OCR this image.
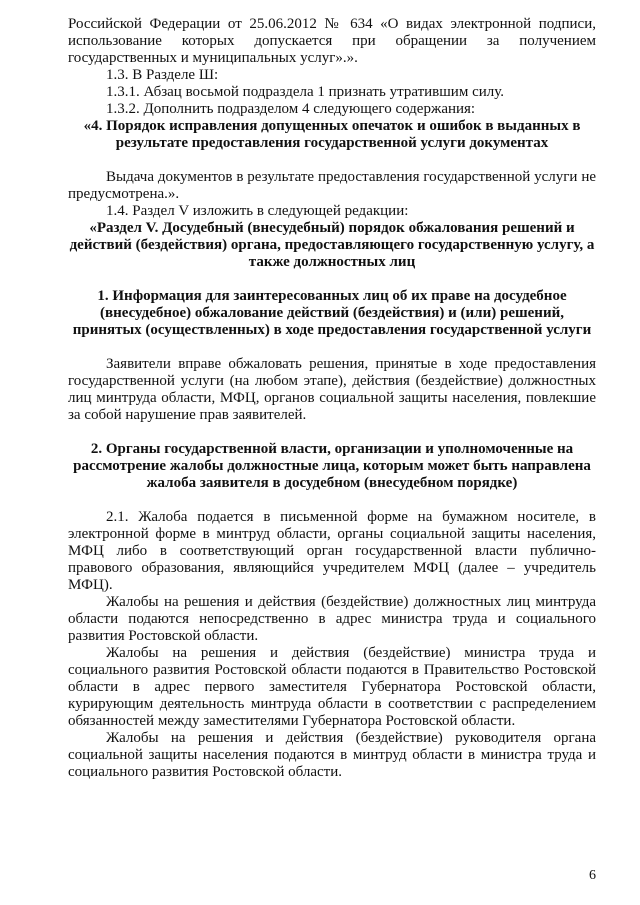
Российской Федерации от 25.06.2012 № 634 «О видах электронной подписи, использование которых допускается при обращении за получением государственных и муниципальных услуг».».

1.3. В Разделе Ш:

1.3.1. Абзац восьмой подраздела 1 признать утратившим силу.

1.3.2. Дополнить подразделом 4 следующего содержания:

«4. Порядок исправления допущенных опечаток и ошибок в выданных в результате предоставления государственной услуги документах

Выдача документов в результате предоставления государственной услуги не предусмотрена.».

1.4. Раздел V изложить в следующей редакции:

«Раздел V. Досудебный (внесудебный) порядок обжалования решений и действий (бездействия) органа, предоставляющего государственную услугу, а также должностных лиц

1. Информация для заинтересованных лиц об их праве на досудебное (внесудебное) обжалование действий (бездействия) и (или) решений, принятых (осуществленных) в ходе предоставления государственной услуги

Заявители вправе обжаловать решения, принятые в ходе предоставления государственной услуги (на любом этапе), действия (бездействие) должностных лиц минтруда области, МФЦ, органов социальной защиты населения, повлекшие за собой нарушение прав заявителей.

2. Органы государственной власти, организации и уполномоченные на рассмотрение жалобы должностные лица, которым может быть направлена жалоба заявителя в досудебном (внесудебном порядке)

2.1. Жалоба подается в письменной форме на бумажном носителе, в электронной форме в минтруд области, органы социальной защиты населения, МФЦ либо в соответствующий орган государственной власти публично-правового образования, являющийся учредителем МФЦ (далее – учредитель МФЦ).

Жалобы на решения и действия (бездействие) должностных лиц минтруда области подаются непосредственно в адрес министра труда и социального развития Ростовской области.

Жалобы на решения и действия (бездействие) министра труда и социального развития Ростовской области подаются в Правительство Ростовской области в адрес первого заместителя Губернатора Ростовской области, курирующим деятельность минтруда области в соответствии с распределением обязанностей между заместителями Губернатора Ростовской области.

Жалобы на решения и действия (бездействие) руководителя органа социальной защиты населения подаются в минтруд области в министра труда и социального развития Ростовской области.

6
